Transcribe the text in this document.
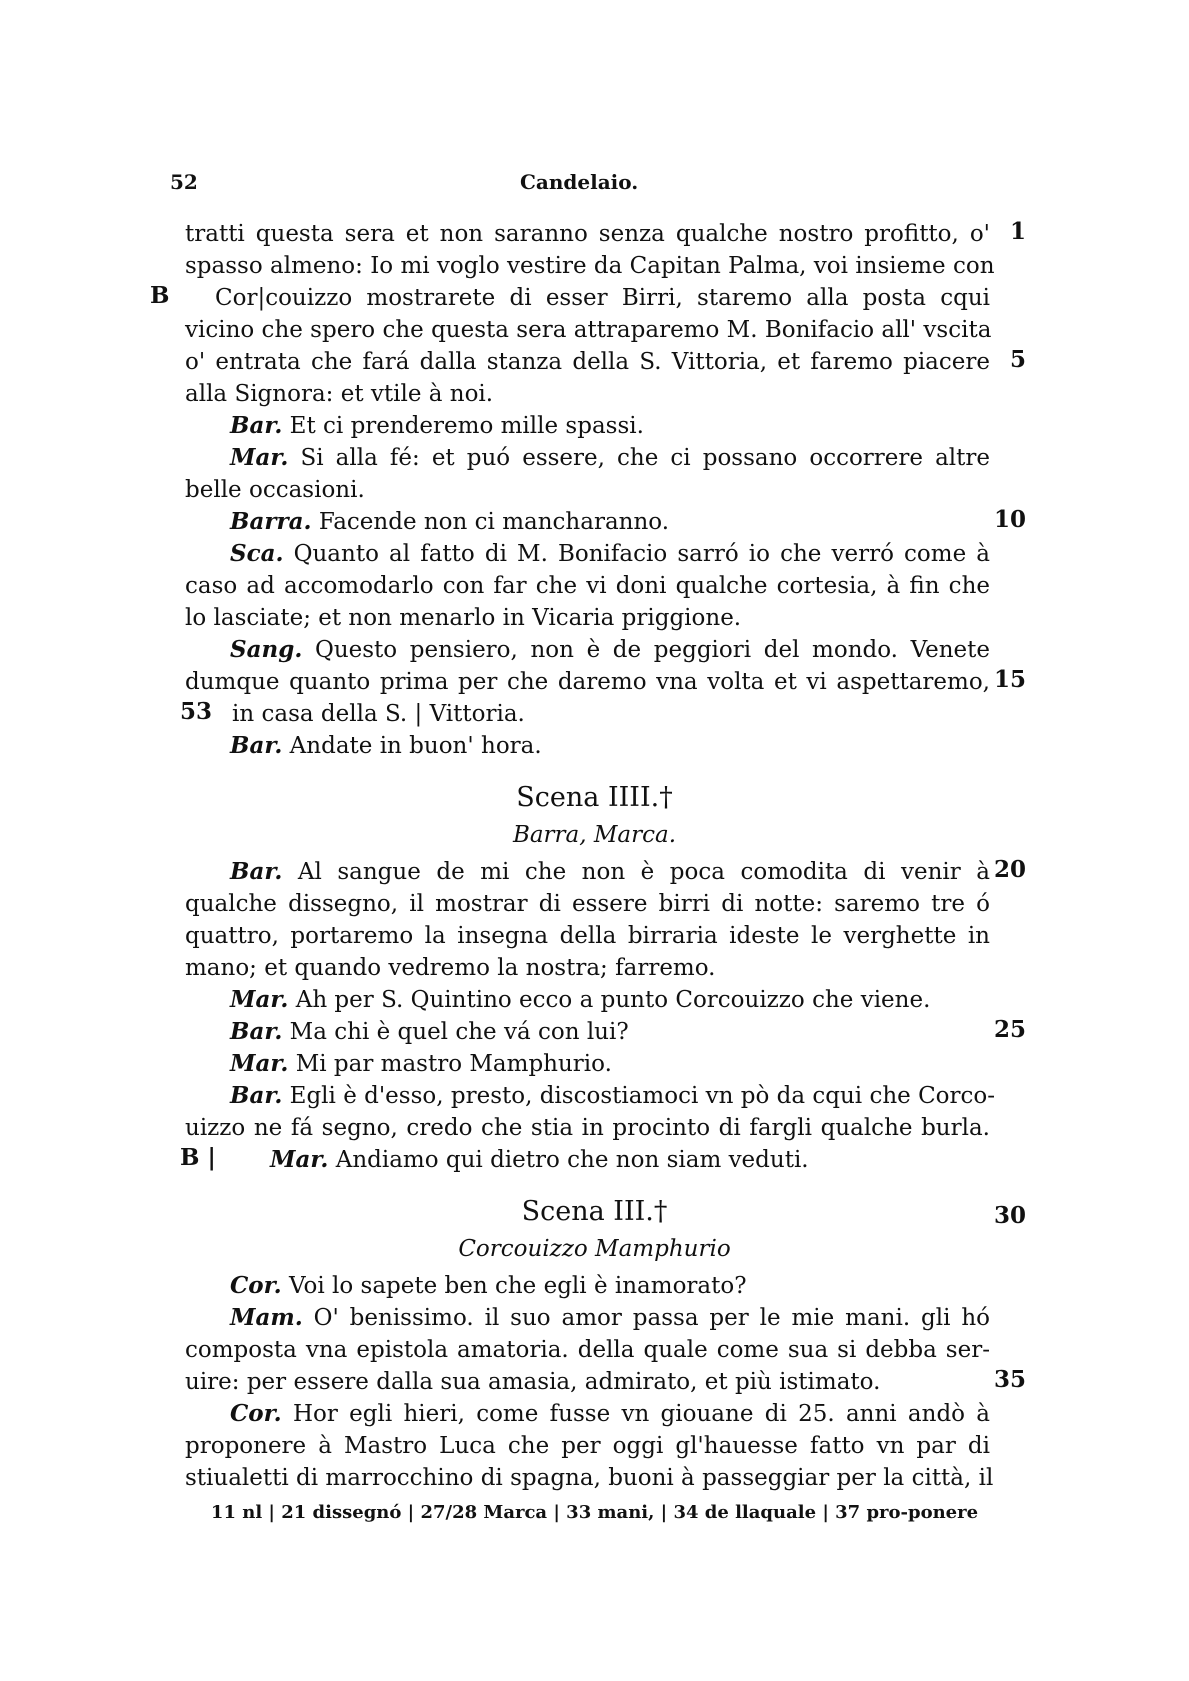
52	Candelaio.
tratti questa sera et non saranno senza qualche nostro profitto, o' 1
spasso almeno: Io mi voglo vestire da Capitan Palma, voi insieme con
B Cor|couizzo mostrarete di esser Birri, staremo alla posta cqui
vicino che spero che questa sera attraparemo M. Bonifacio all' vscita
o' entrata che fará dalla stanza della S. Vittoria, et faremo piacere 5
alla Signora: et vtile à noi.
Bar. Et ci prenderemo mille spassi.
Mar. Si alla fé: et puó essere, che ci possano occorrere altre
belle occasioni.
Barra. Facende non ci mancharanno.	10
Sca. Quanto al fatto di M. Bonifacio sarró io che verró come à
caso ad accomodarlo con far che vi doni qualche cortesia, à fin che
lo lasciate; et non menarlo in Vicaria priggione.
Sang. Questo pensiero, non è de peggiori del mondo. Venete
dumque quanto prima per che daremo vna volta et vi aspettaremo, 15
53 in casa della S. | Vittoria.
Bar. Andate in buon' hora.
Scena IIII.†
Barra, Marca.
Bar. Al sangue de mi che non è poca comodita di venir à 20
qualche dissegno, il mostrar di essere birri di notte: saremo tre ó
quattro, portaremo la insegna della birraria ideste le verghette in
mano; et quando vedremo la nostra; farremo.
Mar. Ah per S. Quintino ecco a punto Corcouizzo che viene.
Bar. Ma chi è quel che vá con lui?	25
Mar. Mi par mastro Mamphurio.
Bar. Egli è d'esso, presto, discostiamoci vn pò da cqui che Corco-
uizzo ne fá segno, credo che stia in procinto di fargli qualche burla.
B | Mar. Andiamo qui dietro che non siam veduti.
Scena III.†	30
Corcouizzo Mamphurio
Cor. Voi lo sapete ben che egli è inamorato?
Mam. O' benissimo. il suo amor passa per le mie mani. gli hó
composta vna epistola amatoria. della quale come sua si debba ser-
uire: per essere dalla sua amasia, admirato, et più istimato.	35
Cor. Hor egli hieri, come fusse vn giouane di 25. anni andò à
proponere à Mastro Luca che per oggi gl'hauesse fatto vn par di
stiualetti di marrocchino di spagna, buoni à passeggiar per la città, il
11 nl | 21 dissegnó | 27/28 Marca | 33 mani, | 34 de llaquale | 37 pro-ponere
